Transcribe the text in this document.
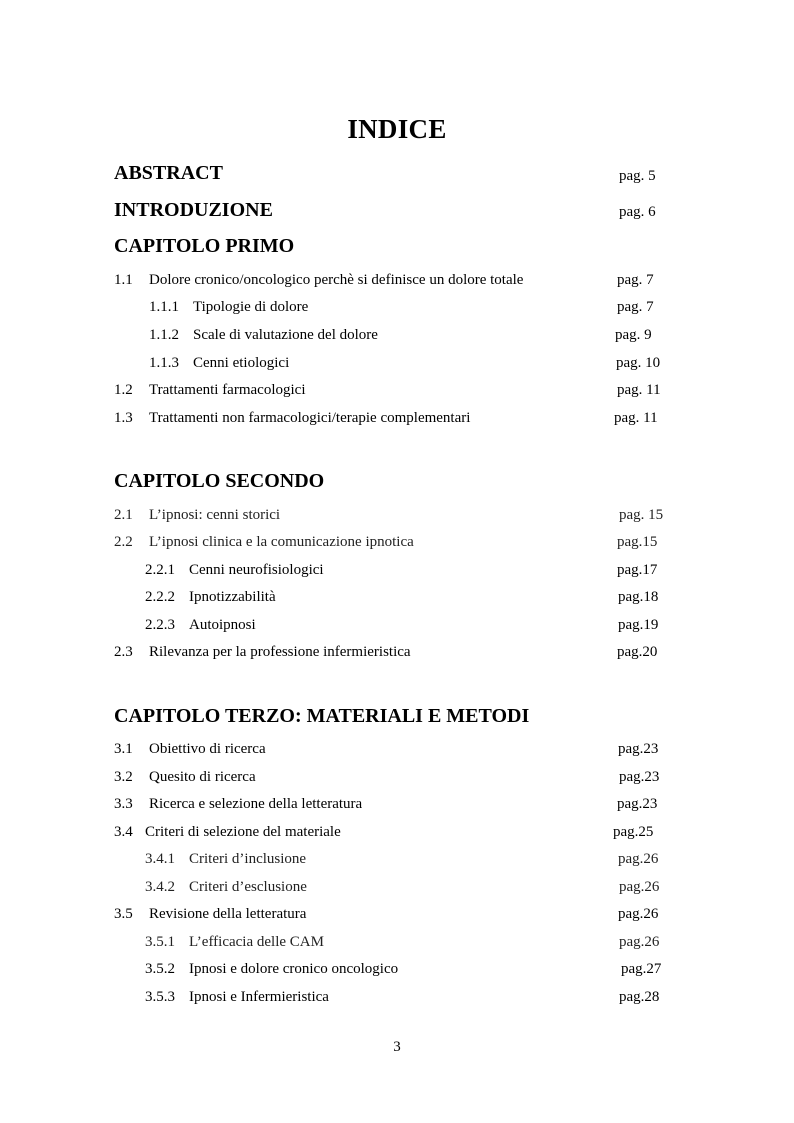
INDICE
ABSTRACT	pag. 5
INTRODUZIONE	pag. 6
CAPITOLO PRIMO
1.1 Dolore cronico/oncologico perchè si definisce un dolore totale	pag. 7
1.1.1 Tipologie di dolore	pag. 7
1.1.2 Scale di valutazione del dolore	pag. 9
1.1.3 Cenni etiologici	pag. 10
1.2 Trattamenti farmacologici	pag. 11
1.3 Trattamenti non farmacologici/terapie complementari	pag. 11
CAPITOLO SECONDO
2.1 L’ipnosi: cenni storici	pag. 15
2.2 L’ipnosi clinica e la comunicazione ipnotica	pag.15
2.2.1 Cenni neurofisiologici	pag.17
2.2.2 Ipnotizzabilità	pag.18
2.2.3 Autoipnosi	pag.19
2.3 Rilevanza per la professione infermieristica	pag.20
CAPITOLO TERZO: MATERIALI E METODI
3.1 Obiettivo di ricerca	pag.23
3.2 Quesito di ricerca	pag.23
3.3 Ricerca e selezione della letteratura	pag.23
3.4 Criteri di selezione del materiale	pag.25
3.4.1 Criteri d’inclusione	pag.26
3.4.2 Criteri d’esclusione	pag.26
3.5 Revisione della letteratura	pag.26
3.5.1 L’efficacia delle CAM	pag.26
3.5.2 Ipnosi e dolore cronico oncologico	pag.27
3.5.3 Ipnosi e Infermieristica	pag.28
3
